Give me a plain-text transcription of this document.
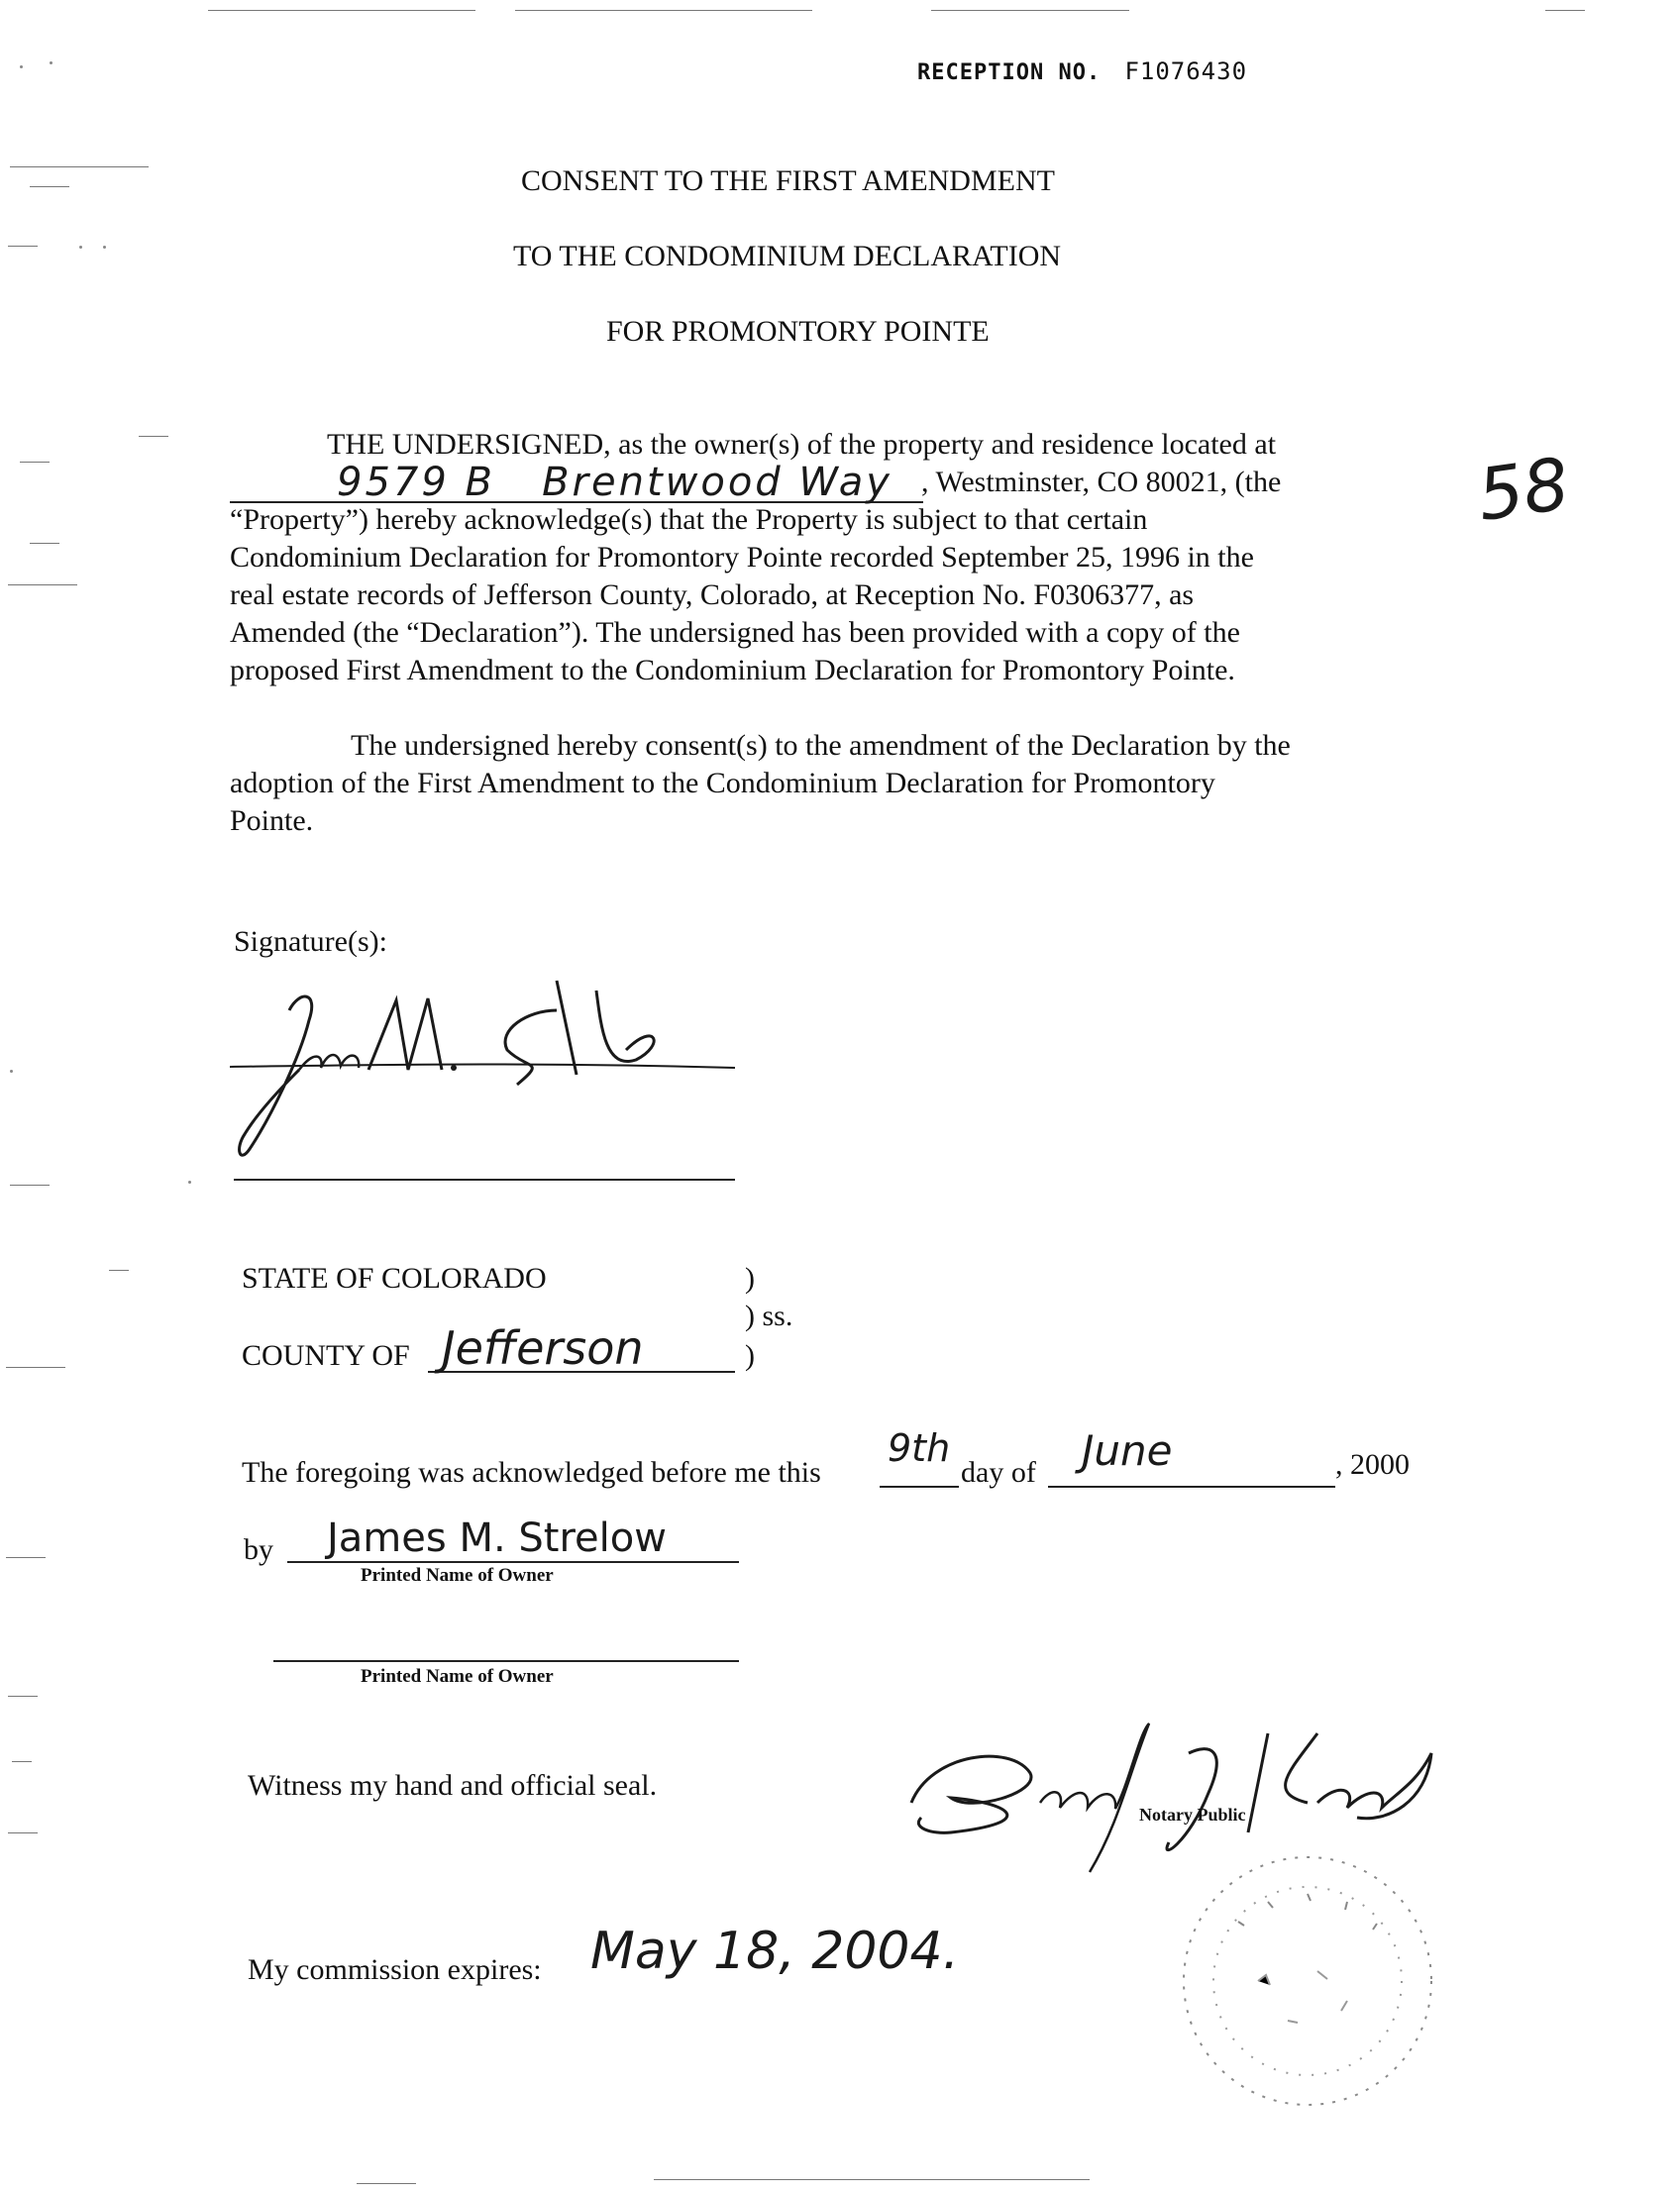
RECEPTION NO. F1076430
CONSENT TO THE FIRST AMENDMENT
TO THE CONDOMINIUM DECLARATION
FOR PROMONTORY POINTE
58
THE UNDERSIGNED, as the owner(s) of the property and residence located at
9579 B   Brentwood Way , Westminster, CO 80021, (the
“Property”) hereby acknowledge(s) that the Property is subject to that certain
Condominium Declaration for Promontory Pointe recorded September 25, 1996 in the
real estate records of Jefferson County, Colorado, at Reception No. F0306377, as
Amended (the “Declaration”). The undersigned has been provided with a copy of the
proposed First Amendment to the Condominium Declaration for Promontory Pointe.
The undersigned hereby consent(s) to the amendment of the Declaration by the
adoption of the First Amendment to the Condominium Declaration for Promontory
Pointe.
Signature(s):
STATE OF COLORADO	)
) ss.
COUNTY OF Jefferson	)
The foregoing was acknowledged before me this
9th
day of June	, 2000
by James M. Strelow
Printed Name of Owner
Printed Name of Owner
Witness my hand and official seal.
Notary Public
My commission expires: May 18, 2004.
